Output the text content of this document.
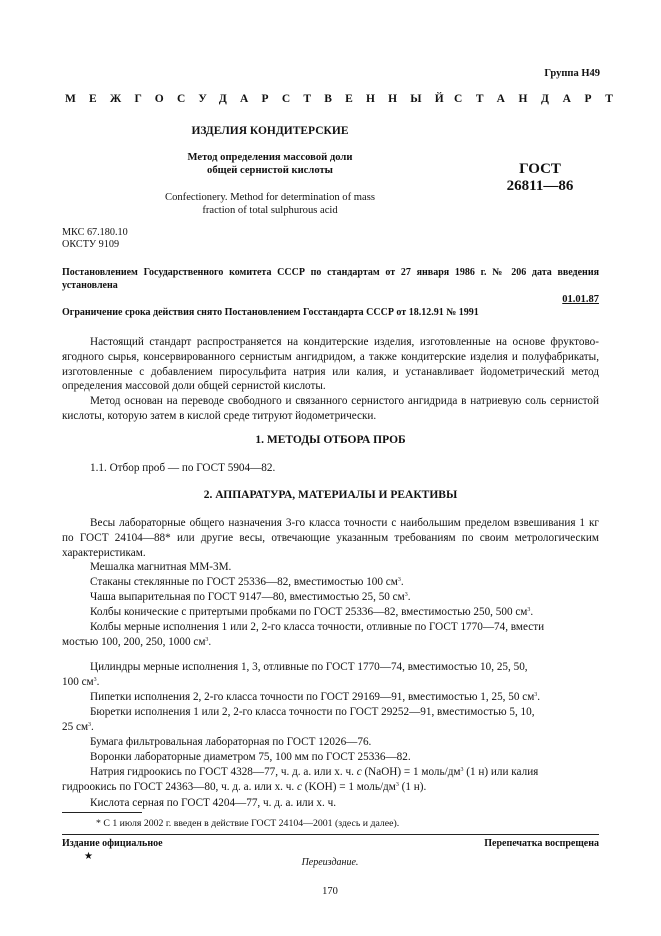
Группа Н49
МЕЖГОСУДАРСТВЕННЫЙ
СТАНДАРТ
ИЗДЕЛИЯ КОНДИТЕРСКИЕ
Метод определения массовой доли
общей сернистой кислоты
Confectionery. Method for determination of mass
fraction of total sulphurous acid
ГОСТ
26811—86
МКС 67.180.10
ОКСТУ 9109
Постановлением Государственного комитета СССР по стандартам от 27 января 1986 г. № 206 дата введения установлена
01.01.87
Ограничение срока действия снято Постановлением Госстандарта СССР от 18.12.91 № 1991
Настоящий стандарт распространяется на кондитерские изделия, изготовленные на основе фруктово-ягодного сырья, консервированного сернистым ангидридом, а также кондитерские изделия и полуфабрикаты, изготовленные с добавлением пиросульфита натрия или калия, и устанавливает йодометрический метод определения массовой доли общей сернистой кислоты.
Метод основан на переводе свободного и связанного сернистого ангидрида в натриевую соль сернистой кислоты, которую затем в кислой среде титруют йодометрически.
1. МЕТОДЫ ОТБОРА ПРОБ
1.1. Отбор проб — по ГОСТ 5904—82.
2. АППАРАТУРА, МАТЕРИАЛЫ И РЕАКТИВЫ
Весы лабораторные общего назначения 3-го класса точности с наибольшим пределом взвешивания 1 кг по ГОСТ 24104—88* или другие весы, отвечающие указанным требованиям по своим метрологическим характеристикам.
Мешалка магнитная ММ-3М.
Стаканы стеклянные по ГОСТ 25336—82, вместимостью 100 $см^3$.
Чаша выпарительная по ГОСТ 9147—80, вместимостью 25, 50 $см^3$.
Колбы конические с притертыми пробками по ГОСТ 25336—82, вместимостью 250, 500 $см^3$.
Колбы мерные исполнения 1 или 2, 2-го класса точности, отливные по ГОСТ 1770—74, вмести
мостью 100, 200, 250, 1000 $см^3$.
Цилиндры мерные исполнения 1, 3, отливные по ГОСТ 1770—74, вместимостью 10, 25, 50,
100 $см^3$.
Пипетки исполнения 2, 2-го класса точности по ГОСТ 29169—91, вместимостью 1, 25, 50 $см^3$.
Бюретки исполнения 1 или 2, 2-го класса точности по ГОСТ 29252—91, вместимостью 5, 10,
25 $см^3$.
Бумага фильтровальная лабораторная по ГОСТ 12026—76.
Воронки лабораторные диаметром 75, 100 мм по ГОСТ 25336—82.
Натрия гидроокись по ГОСТ 4328—77, ч. д. а. или х. ч. с (NaOH) = 1 моль/$дм^3$ (1 н) или калия
гидроокись по ГОСТ 24363—80, ч. д. а. или х. ч. с (KOH) = 1 моль/$дм^3$ (1 н).
Кислота серная по ГОСТ 4204—77, ч. д. а. или х. ч.
* С 1 июля 2002 г. введен в действие ГОСТ 24104—2001 (здесь и далее).
Издание официальное
★
Перепечатка воспрещена
Переиздание.
170
